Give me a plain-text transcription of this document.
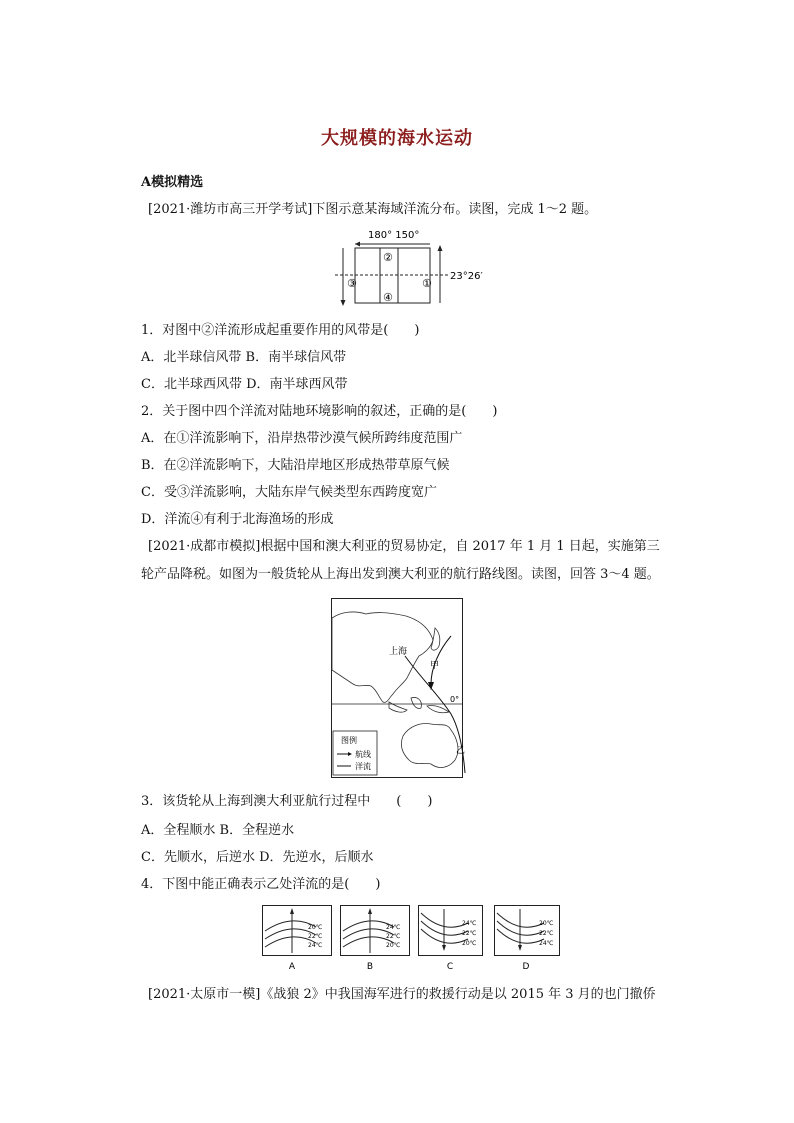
大规模的海水运动
A模拟精选
[2021·潍坊市高三开学考试]下图示意某海域洋流分布。读图，完成 1～2 题。
180° 150°
23°26′
②
③	①
④
1．对图中②洋流形成起重要作用的风带是(　　)
A．北半球信风带 B．南半球信风带
C．北半球西风带 D．南半球西风带
2．关于图中四个洋流对陆地环境影响的叙述，正确的是(　　)
A．在①洋流影响下，沿岸热带沙漠气候所跨纬度范围广
B．在②洋流影响下，大陆沿岸地区形成热带草原气候
C．受③洋流影响，大陆东岸气候类型东西跨度宽广
D．洋流④有利于北海渔场的形成
[2021·成都市模拟]根据中国和澳大利亚的贸易协定，自 2017 年 1 月 1 日起，实施第三
轮产品降税。如图为一般货轮从上海出发到澳大利亚的航行路线图。读图，回答 3～4 题。
0°
上海
甲
乙
图例
航线
洋流
3．该货轮从上海到澳大利亚航行过程中　　(　　)
A．全程顺水 B．全程逆水
C．先顺水，后逆水 D．先逆水，后顺水
4．下图中能正确表示乙处洋流的是(　　)
20℃
22℃
24℃
A
24℃
22℃
20℃
B
24℃
22℃
20℃
C
20℃
22℃
24℃
D
[2021·太原市一模]《战狼 2》中我国海军进行的救援行动是以 2015 年 3 月的也门撤侨
